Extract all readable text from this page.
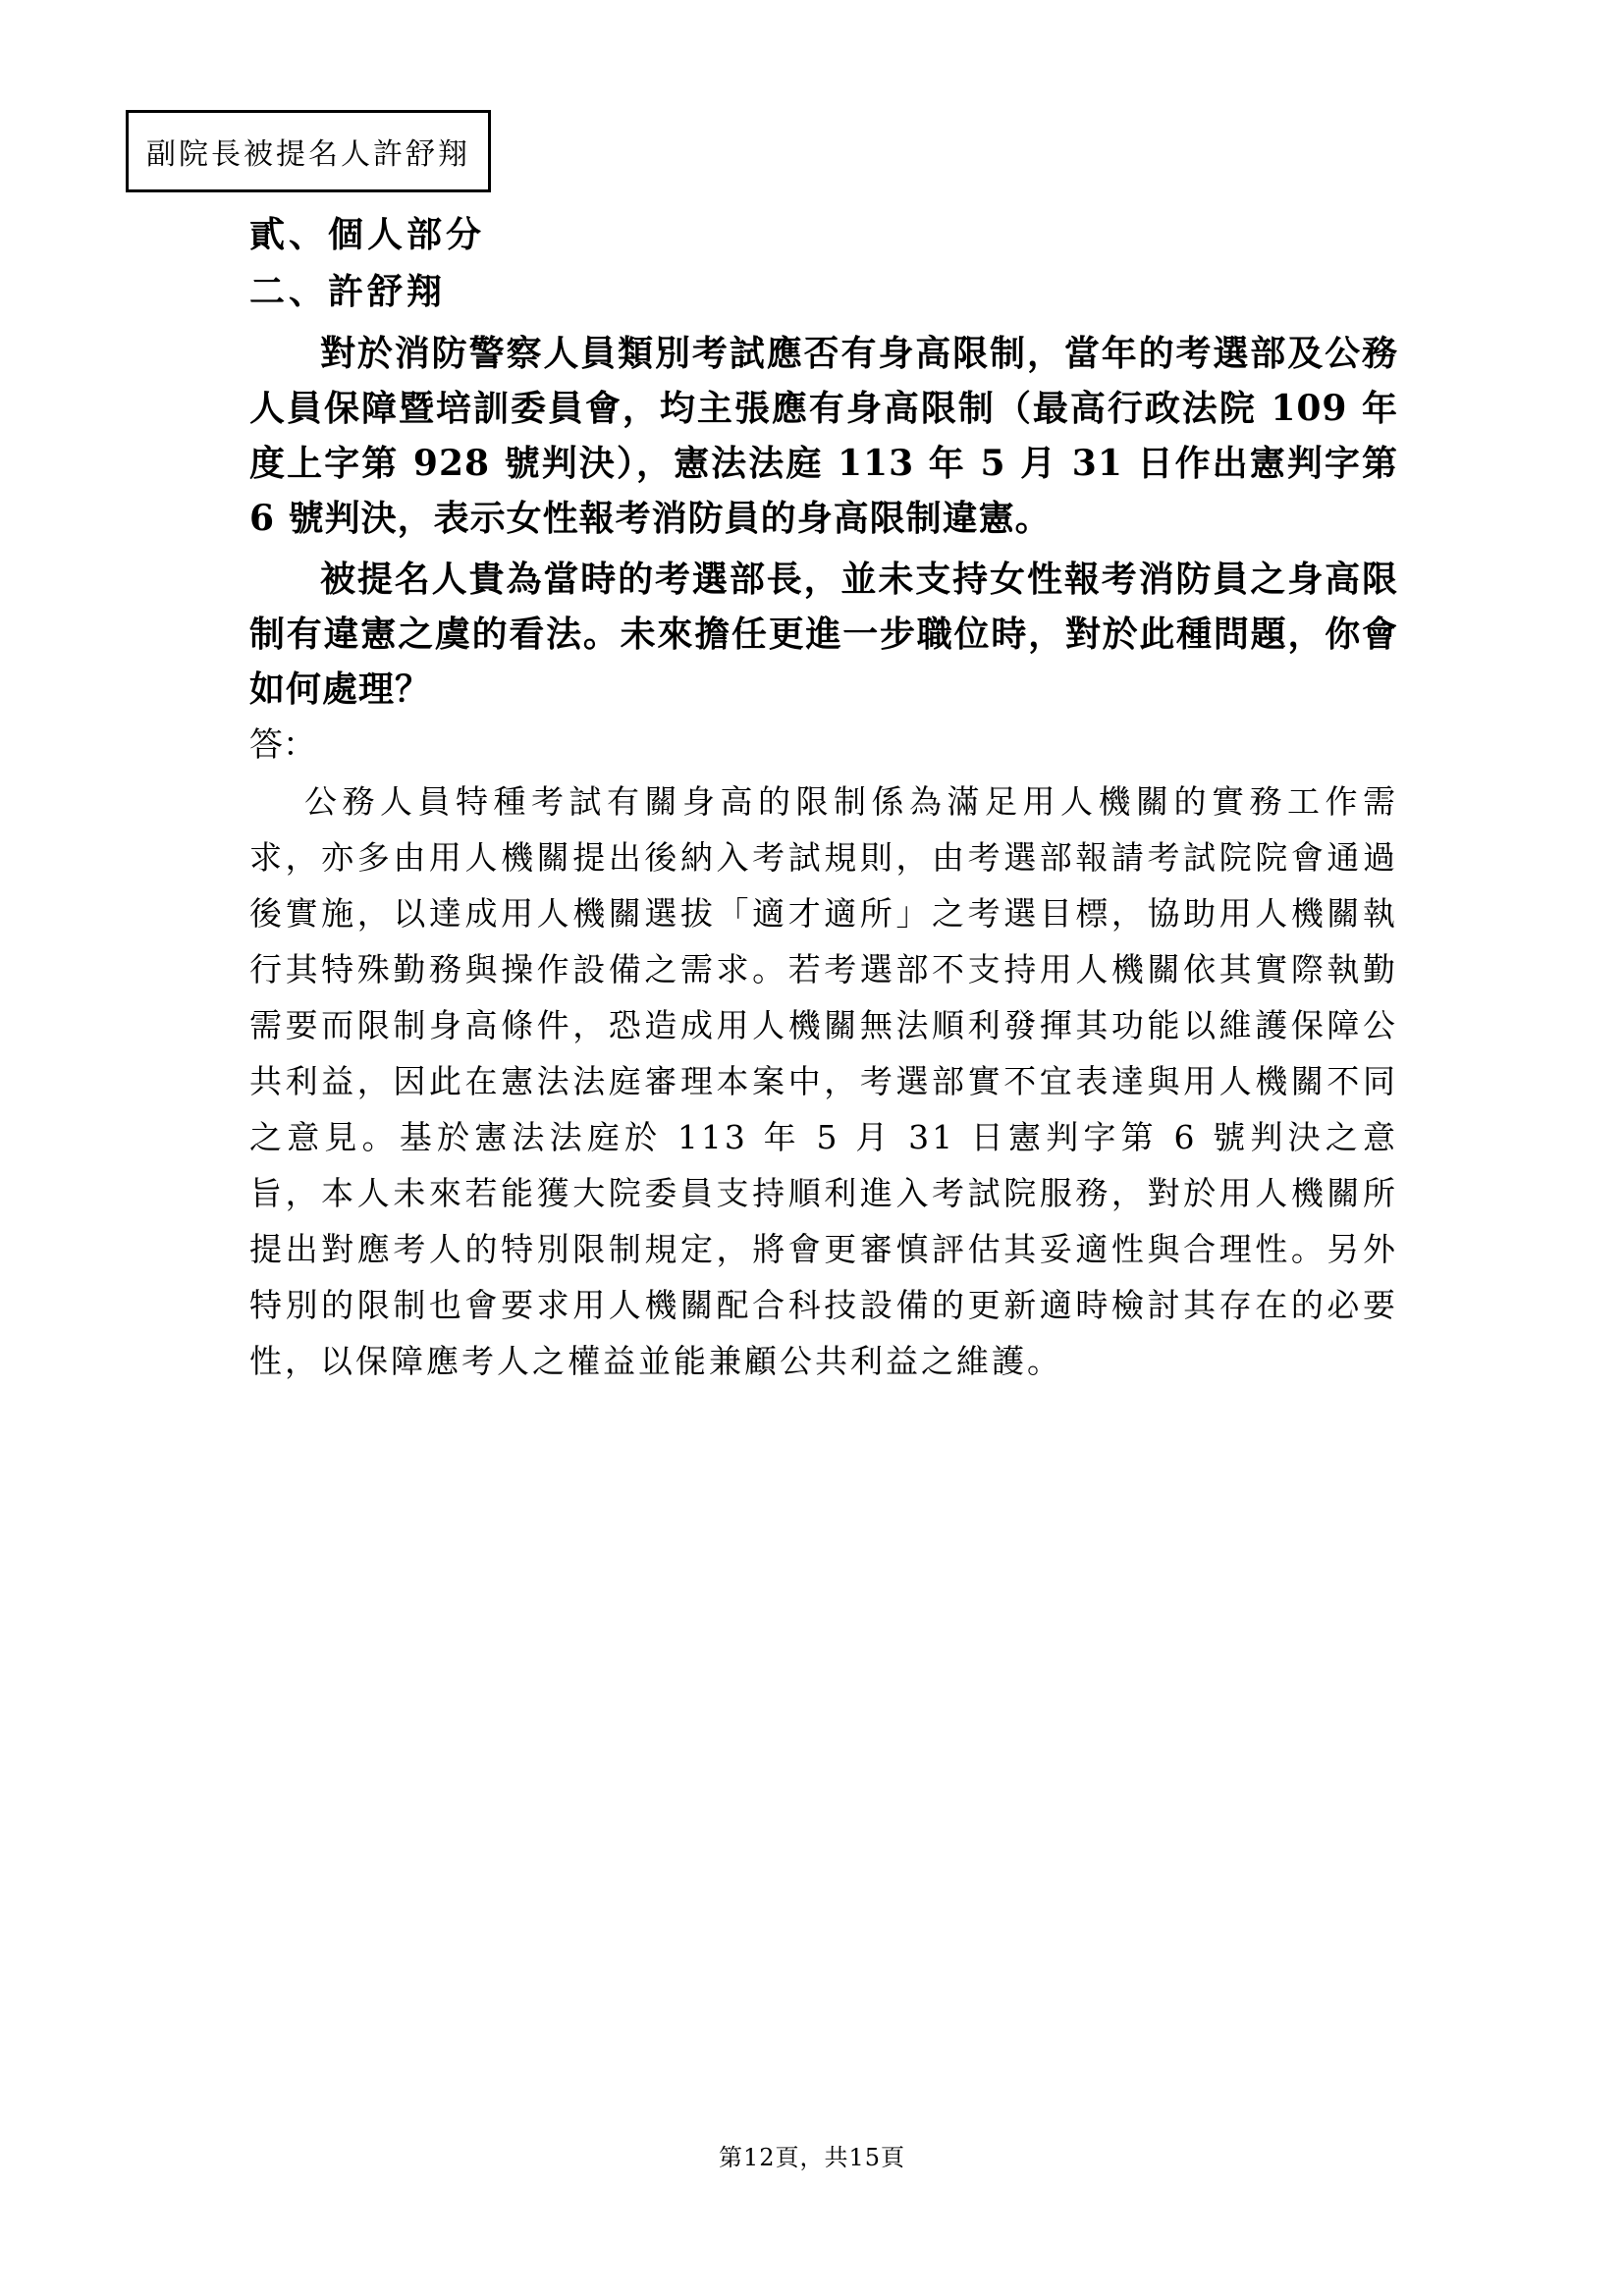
副院長被提名人許舒翔
貳、個人部分
二、許舒翔

對於消防警察人員類別考試應否有身高限制，當年的考選部及公務人員保障暨培訓委員會，均主張應有身高限制（最高行政法院 109 年度上字第 928 號判決），憲法法庭 113 年 5 月 31 日作出憲判字第 6 號判決，表示女性報考消防員的身高限制違憲。

被提名人貴為當時的考選部長，並未支持女性報考消防員之身高限制有違憲之虞的看法。未來擔任更進一步職位時，對於此種問題，你會如何處理？

答：

公務人員特種考試有關身高的限制係為滿足用人機關的實務工作需求，亦多由用人機關提出後納入考試規則，由考選部報請考試院院會通過後實施，以達成用人機關選拔「適才適所」之考選目標，協助用人機關執行其特殊勤務與操作設備之需求。若考選部不支持用人機關依其實際執勤需要而限制身高條件，恐造成用人機關無法順利發揮其功能以維護保障公共利益，因此在憲法法庭審理本案中，考選部實不宜表達與用人機關不同之意見。基於憲法法庭於 113 年 5 月 31 日憲判字第 6 號判決之意旨，本人未來若能獲大院委員支持順利進入考試院服務，對於用人機關所提出對應考人的特別限制規定，將會更審慎評估其妥適性與合理性。另外特別的限制也會要求用人機關配合科技設備的更新適時檢討其存在的必要性，以保障應考人之權益並能兼顧公共利益之維護。

第12頁，共15頁
